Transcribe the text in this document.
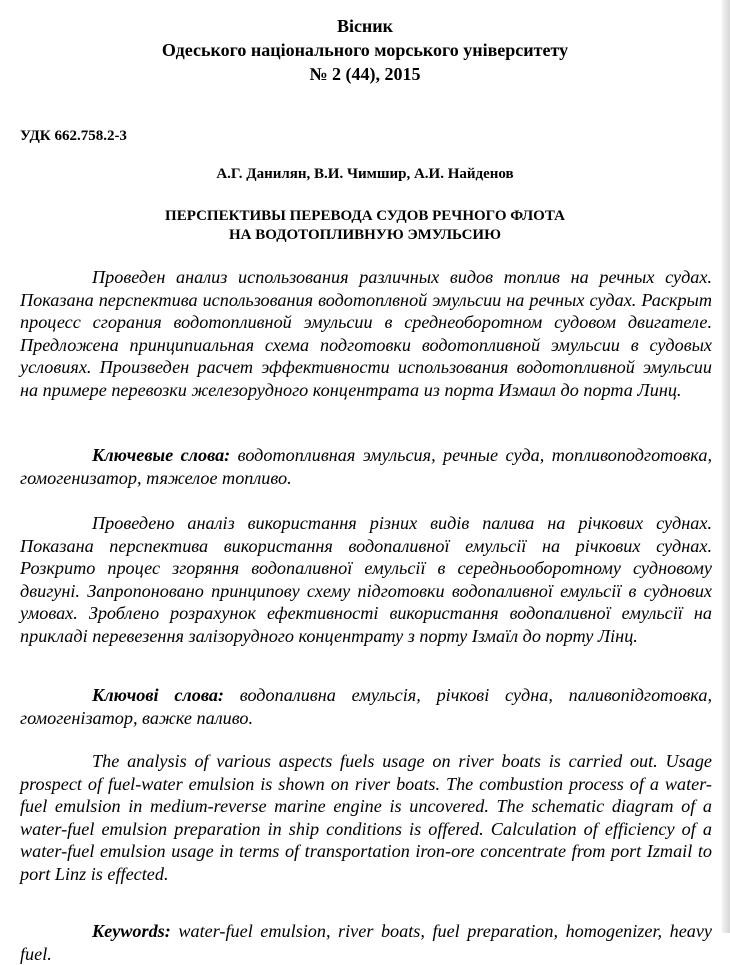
Вісник
Одеського національного морського університету
№ 2 (44), 2015
УДК 662.758.2-3
А.Г. Данилян, В.И. Чимшир, А.И. Найденов
ПЕРСПЕКТИВЫ ПЕРЕВОДА СУДОВ РЕЧНОГО ФЛОТА
НА ВОДОТОПЛИВНУЮ ЭМУЛЬСИЮ

Проведен анализ использования различных видов топлив на речных судах. Показана перспектива использования водотоплвной эмульсии на речных судах. Раскрыт процесс сгорания водотопливной эмульсии в среднеоборотном судовом двигателе. Предложена принципиальная схема подготовки водотопливной эмульсии в судовых условиях. Произведен расчет эффективности использования водотопливной эмульсии на примере перевозки железорудного концентрата из порта Измаил до порта Линц.

Ключевые слова: водотопливная эмульсия, речные суда, топливоподготовка, гомогенизатор, тяжелое топливо.

Проведено аналіз використання різних видів палива на річкових суднах. Показана перспектива використання водопаливної емульсії на річкових суднах. Розкрито процес згоряння водопаливної емульсії в середньооборотному судновому двигуні. Запропоновано принципову схему підготовки водопаливної емульсії в суднових умовах. Зроблено розрахунок ефективності використання водопаливної емульсії на прикладі перевезення залізорудного концентрату з порту Ізмаїл до порту Лінц.

Ключові слова: водопаливна емульсія, річкові судна, паливопідготовка, гомогенізатор, важке паливо.

The analysis of various aspects fuels usage on river boats is carried out. Usage prospect of fuel-water emulsion is shown on river boats. The combustion process of a water-fuel emulsion in medium-reverse marine engine is uncovered. The schematic diagram of a water-fuel emulsion preparation in ship conditions is offered. Calculation of efficiency of a water-fuel emulsion usage in terms of transportation iron-ore concentrate from port Izmail to port Linz is effected.

Keywords: water-fuel emulsion, river boats, fuel preparation, homogenizer, heavy fuel.
